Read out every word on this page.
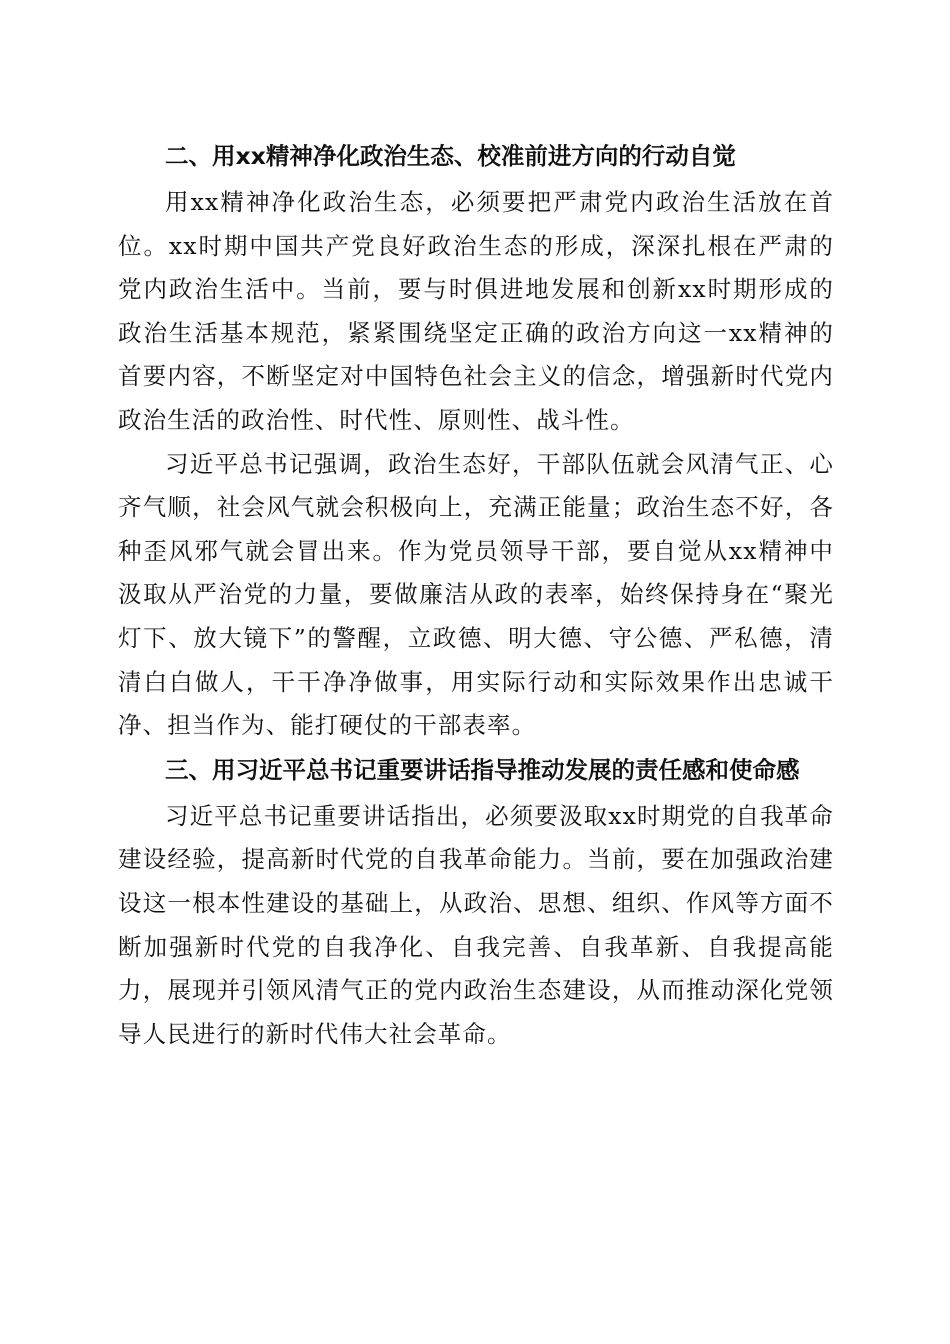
二、用xx精神净化政治生态、校准前进方向的行动自觉

用xx精神净化政治生态，必须要把严肃党内政治生活放在首位。xx时期中国共产党良好政治生态的形成，深深扎根在严肃的党内政治生活中。当前，要与时俱进地发展和创新xx时期形成的政治生活基本规范，紧紧围绕坚定正确的政治方向这一xx精神的首要内容，不断坚定对中国特色社会主义的信念，增强新时代党内政治生活的政治性、时代性、原则性、战斗性。

习近平总书记强调，政治生态好，干部队伍就会风清气正、心齐气顺，社会风气就会积极向上，充满正能量；政治生态不好，各种歪风邪气就会冒出来。作为党员领导干部，要自觉从xx精神中汲取从严治党的力量，要做廉洁从政的表率，始终保持身在“聚光灯下、放大镜下”的警醒，立政德、明大德、守公德、严私德，清清白白做人，干干净净做事，用实际行动和实际效果作出忠诚干净、担当作为、能打硬仗的干部表率。

三、用习近平总书记重要讲话指导推动发展的责任感和使命感

习近平总书记重要讲话指出，必须要汲取xx时期党的自我革命建设经验，提高新时代党的自我革命能力。当前，要在加强政治建设这一根本性建设的基础上，从政治、思想、组织、作风等方面不断加强新时代党的自我净化、自我完善、自我革新、自我提高能力，展现并引领风清气正的党内政治生态建设，从而推动深化党领导人民进行的新时代伟大社会革命。
